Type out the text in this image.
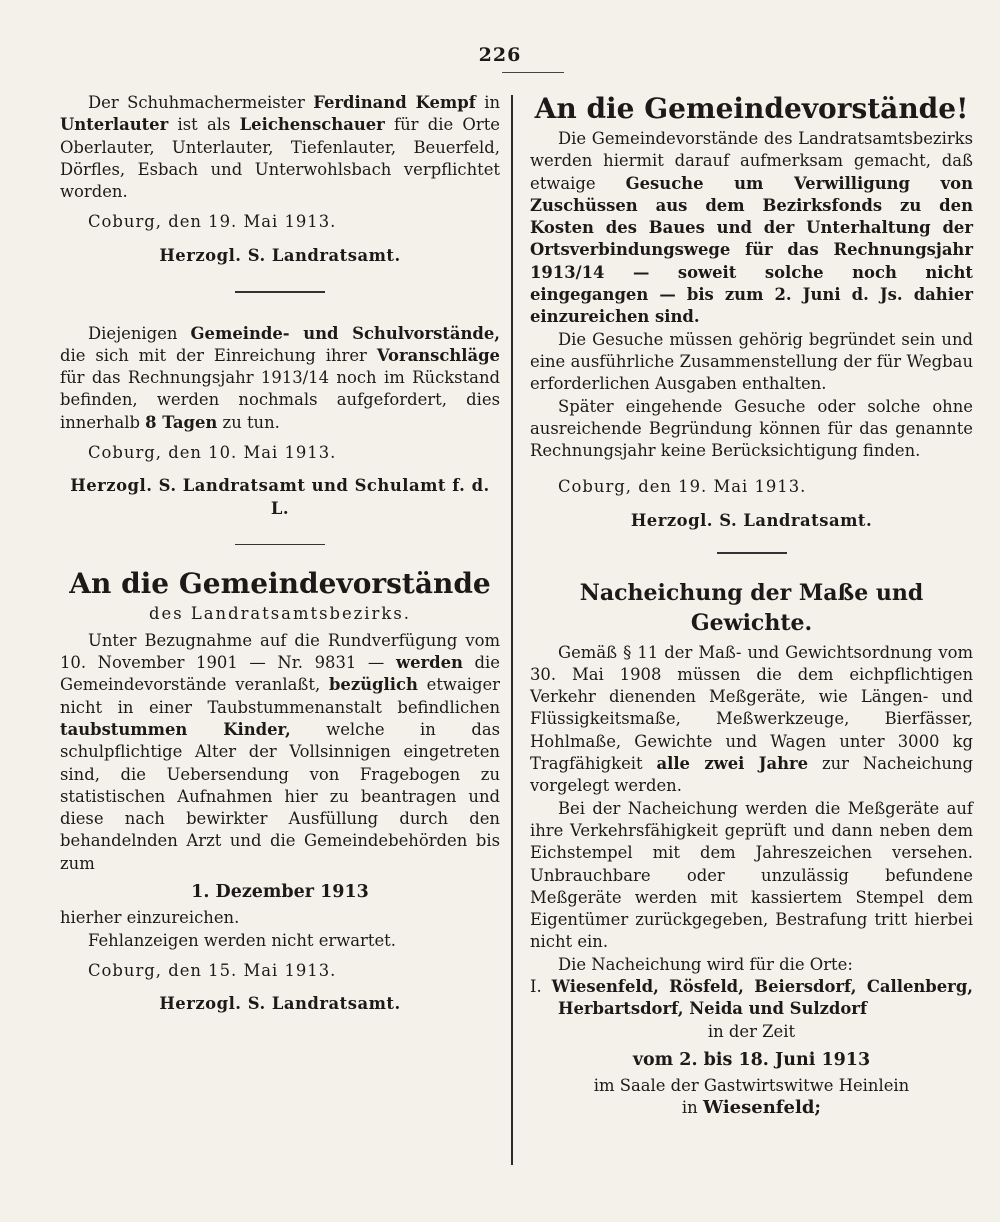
226

Der Schuhmachermeister Ferdinand Kempf in Unterlauter ist als Leichenschauer für die Orte Oberlauter, Unterlauter, Tiefenlauter, Beuerfeld, Dörfles, Esbach und Unterwohlsbach verpflichtet worden.

Coburg, den 19. Mai 1913.
Herzogl. S. Landratsamt.

Diejenigen Gemeinde- und Schulvorstände, die sich mit der Einreichung ihrer Voranschläge für das Rechnungsjahr 1913/14 noch im Rückstand befinden, werden nochmals aufgefordert, dies innerhalb 8 Tagen zu tun.

Coburg, den 10. Mai 1913.
Herzogl. S. Landratsamt und Schulamt f. d. L.
An die Gemeindevorstände
des Landratsamtsbezirks.

Unter Bezugnahme auf die Rundverfügung vom 10. November 1901 — Nr. 9831 — werden die Gemeindevorstände veranlaßt, bezüglich etwaiger nicht in einer Taubstummenanstalt befindlichen taubstummen Kinder, welche in das schulpflichtige Alter der Vollsinnigen eingetreten sind, die Uebersendung von Fragebogen zu statistischen Aufnahmen hier zu beantragen und diese nach bewirkter Ausfüllung durch den behandelnden Arzt und die Gemeindebehörden bis zum

1. Dezember 1913

hierher einzureichen.

Fehlanzeigen werden nicht erwartet.

Coburg, den 15. Mai 1913.
Herzogl. S. Landratsamt.
An die Gemeindevorstände!

Die Gemeindevorstände des Landratsamtsbezirks werden hiermit darauf aufmerksam gemacht, daß etwaige Gesuche um Verwilligung von Zuschüssen aus dem Bezirksfonds zu den Kosten des Baues und der Unterhaltung der Ortsverbindungswege für das Rechnungsjahr 1913/14 — soweit solche noch nicht eingegangen — bis zum 2. Juni d. Js. dahier einzureichen sind.

Die Gesuche müssen gehörig begründet sein und eine ausführliche Zusammenstellung der für Wegbau erforderlichen Ausgaben enthalten.

Später eingehende Gesuche oder solche ohne ausreichende Begründung können für das genannte Rechnungsjahr keine Berücksichtigung finden.

Coburg, den 19. Mai 1913.
Herzogl. S. Landratsamt.
Nacheichung der Maße und Gewichte.

Gemäß § 11 der Maß- und Gewichtsordnung vom 30. Mai 1908 müssen die dem eichpflichtigen Verkehr dienenden Meßgeräte, wie Längen- und Flüssigkeitsmaße, Meßwerkzeuge, Bierfässer, Hohlmaße, Gewichte und Wagen unter 3000 kg Tragfähigkeit alle zwei Jahre zur Nacheichung vorgelegt werden.

Bei der Nacheichung werden die Meßgeräte auf ihre Verkehrsfähigkeit geprüft und dann neben dem Eichstempel mit dem Jahreszeichen versehen. Unbrauchbare oder unzulässig befundene Meßgeräte werden mit kassiertem Stempel dem Eigentümer zurückgegeben, Bestrafung tritt hierbei nicht ein.

Die Nacheichung wird für die Orte:

I. Wiesenfeld, Rösfeld, Beiersdorf, Callenberg, Herbartsdorf, Neida und Sulzdorf

in der Zeit
vom 2. bis 18. Juni 1913
im Saale der Gastwirtswitwe Heinlein
in Wiesenfeld;
